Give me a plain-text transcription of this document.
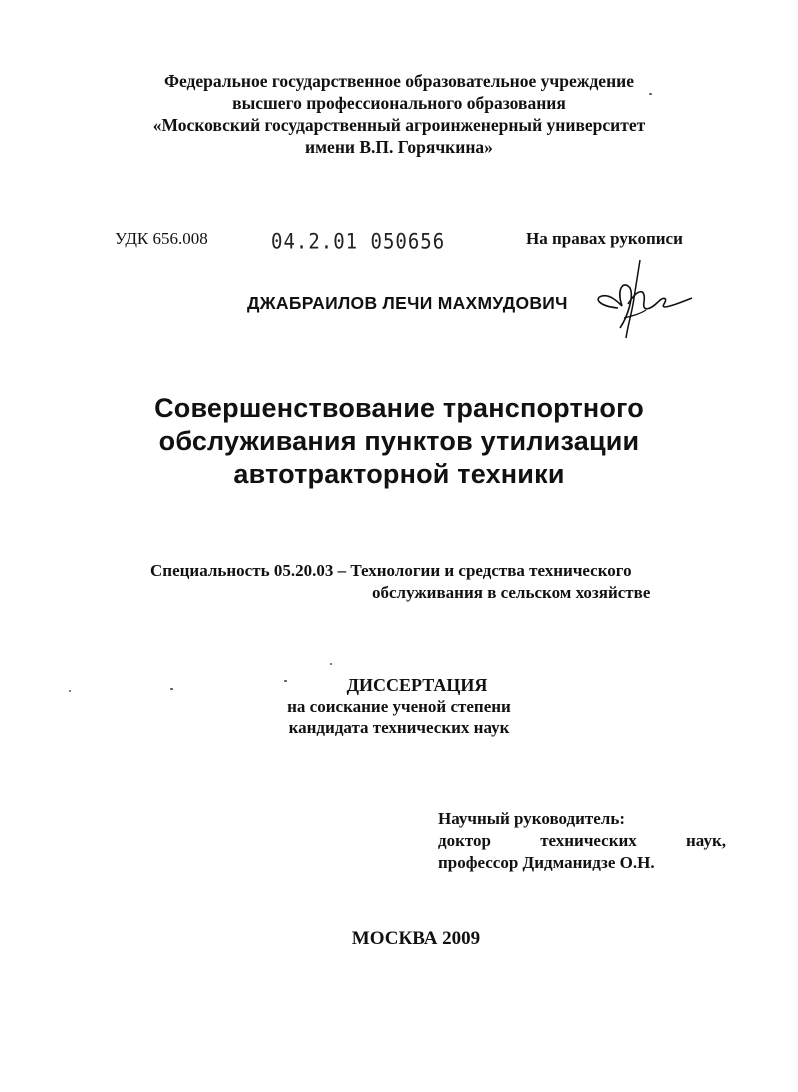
Федеральное государственное образовательное учреждение
высшего профессионального образования
«Московский государственный агроинженерный университет
имени В.П. Горячкина»
УДК 656.008	04.2.01 050656	На правах рукописи
ДЖАБРАИЛОВ ЛЕЧИ МАХМУДОВИЧ
Совершенствование транспортного
обслуживания пунктов утилизации
автотракторной техники
Специальность 05.20.03 – Технологии и средства технического
обслуживания в сельском хозяйстве
ДИССЕРТАЦИЯ
на соискание ученой степени
кандидата технических наук
Научный руководитель:
доктор	технических	наук,
профессор Дидманидзе О.Н.
МОСКВА 2009
